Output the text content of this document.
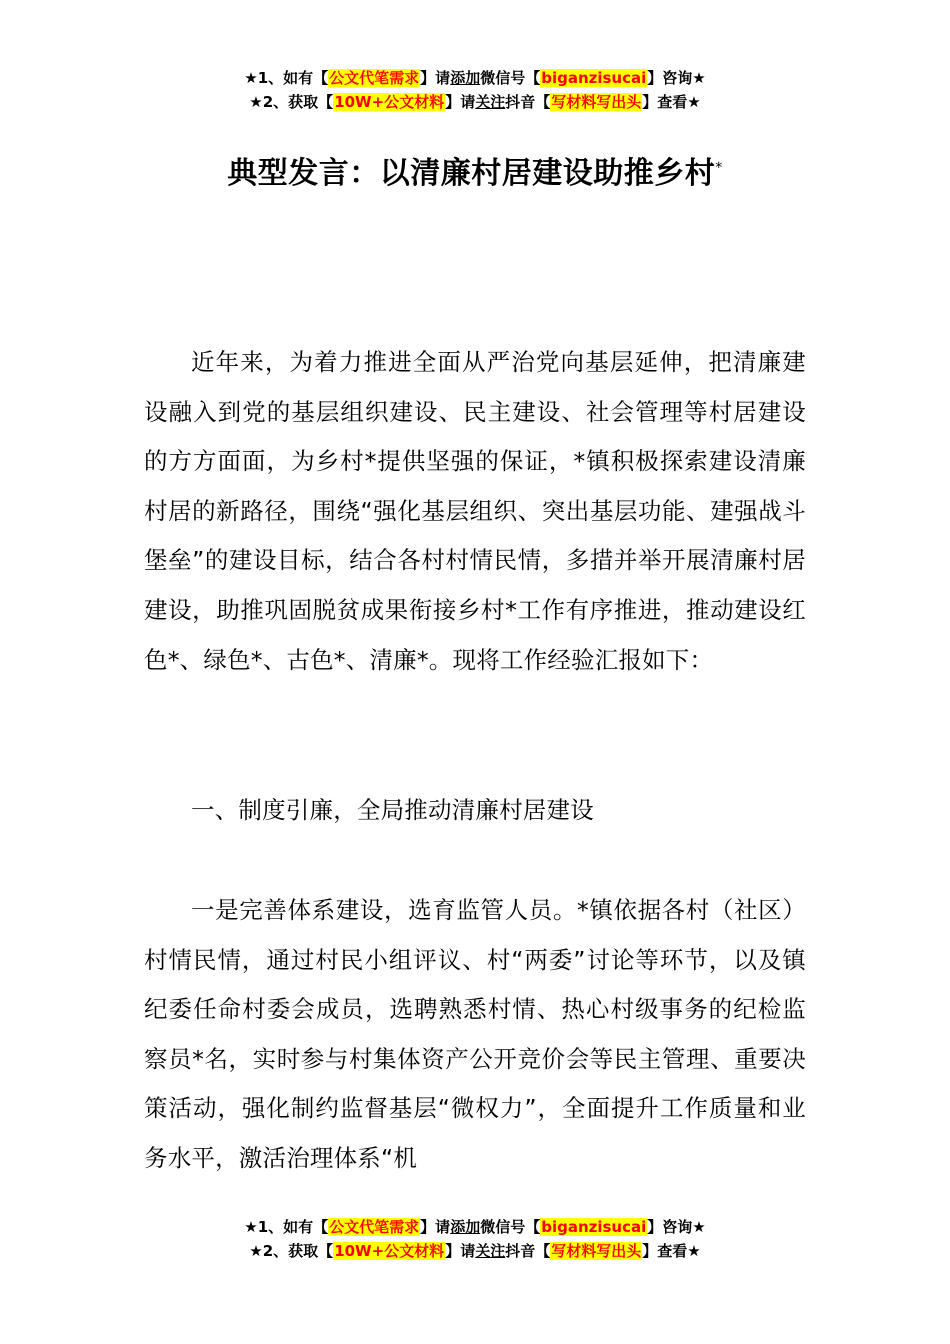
★1、如有【公文代笔需求】请添加微信号【biganzisucai】咨询★
★2、获取【10W+公文材料】请关注抖音【写材料写出头】查看★
典型发言：以清廉村居建设助推乡村*
近年来，为着力推进全面从严治党向基层延伸，把清廉建设融入到党的基层组织建设、民主建设、社会管理等村居建设的方方面面，为乡村*提供坚强的保证，*镇积极探索建设清廉村居的新路径，围绕“强化基层组织、突出基层功能、建强战斗堡垒”的建设目标，结合各村村情民情，多措并举开展清廉村居建设，助推巩固脱贫成果衔接乡村*工作有序推进，推动建设红色*、绿色*、古色*、清廉*。现将工作经验汇报如下：
一、制度引廉，全局推动清廉村居建设
一是完善体系建设，选育监管人员。*镇依据各村（社区）村情民情，通过村民小组评议、村“两委”讨论等环节，以及镇纪委任命村委会成员，选聘熟悉村情、热心村级事务的纪检监察员*名，实时参与村集体资产公开竞价会等民主管理、重要决策活动，强化制约监督基层“微权力”，全面提升工作质量和业务水平，激活治理体系“机
★1、如有【公文代笔需求】请添加微信号【biganzisucai】咨询★
★2、获取【10W+公文材料】请关注抖音【写材料写出头】查看★
